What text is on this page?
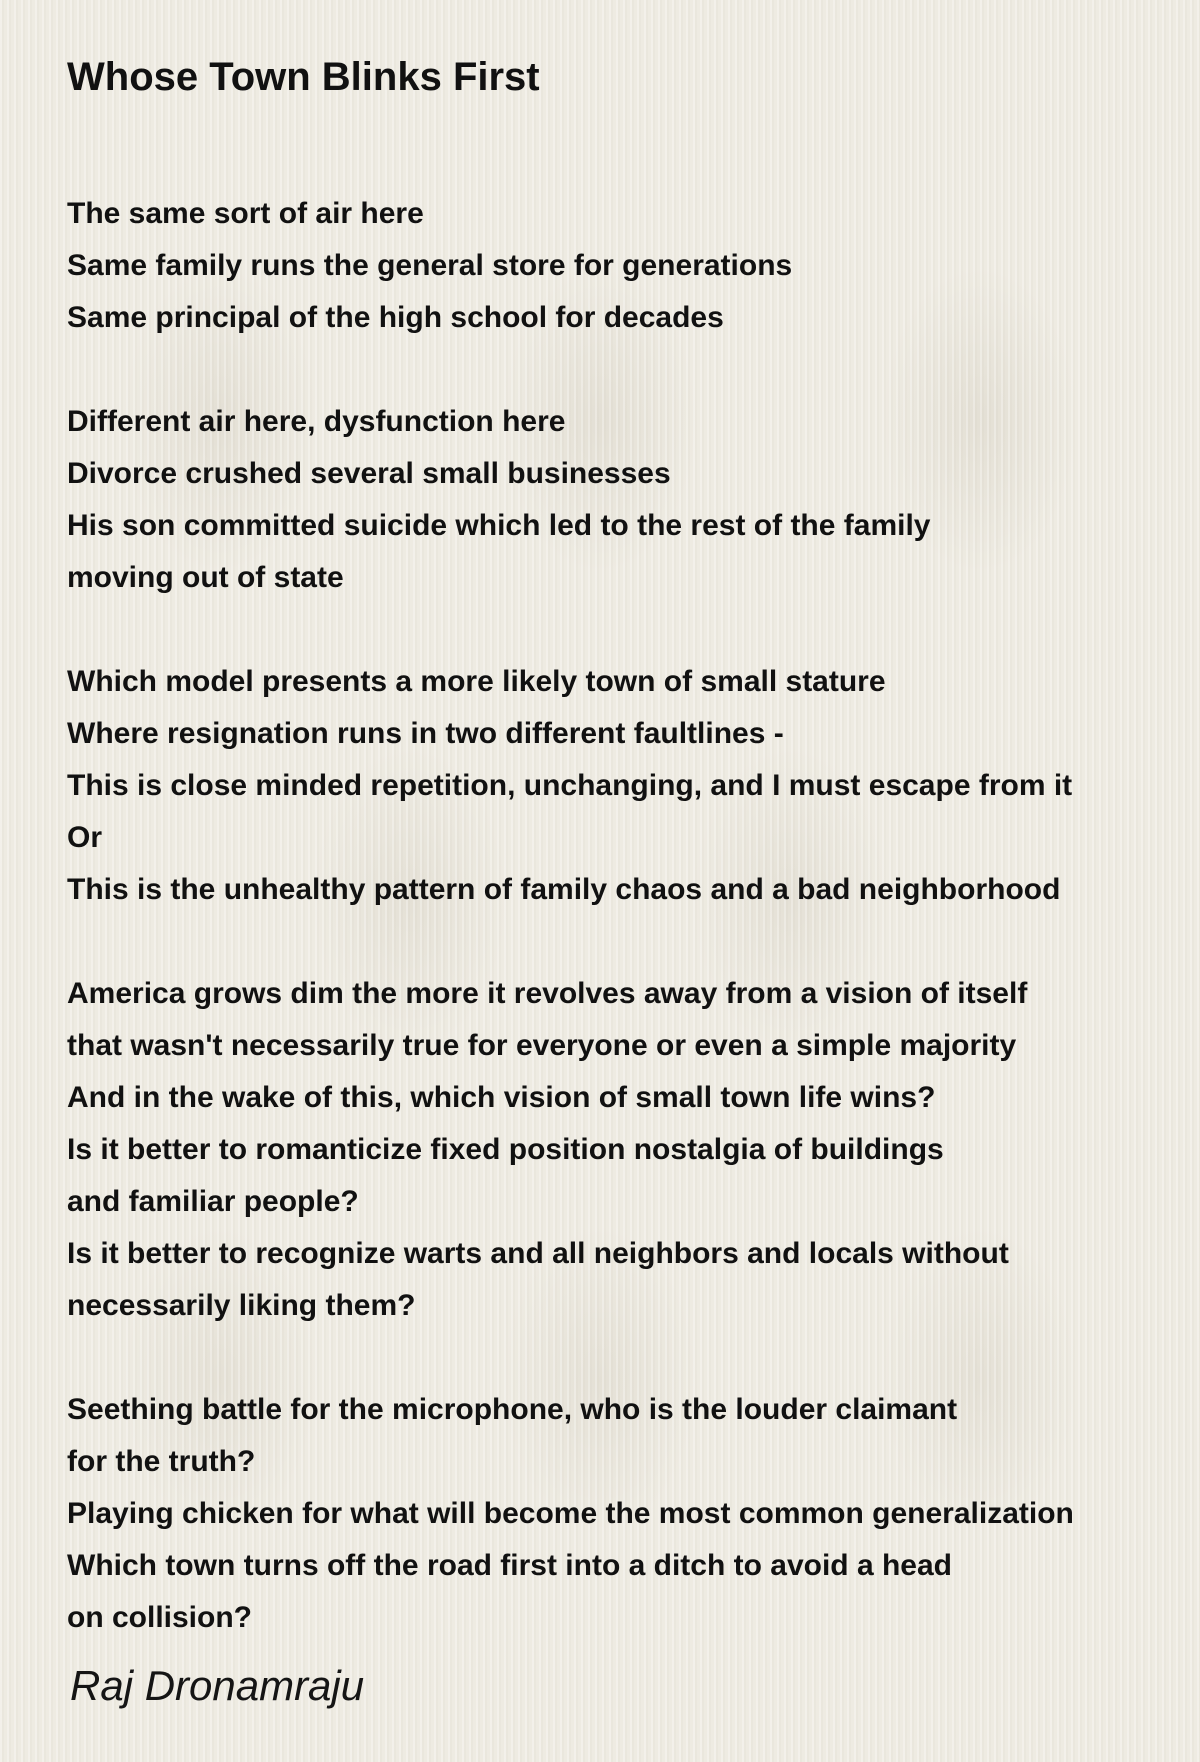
Whose Town Blinks First
The same sort of air here
Same family runs the general store for generations
Same principal of the high school for decades
Different air here, dysfunction here
Divorce crushed several small businesses
His son committed suicide which led to the rest of the family
moving out of state
Which model presents a more likely town of small stature
Where resignation runs in two different faultlines -
This is close minded repetition, unchanging, and I must escape from it
Or
This is the unhealthy pattern of family chaos and a bad neighborhood
America grows dim the more it revolves away from a vision of itself
that wasn't necessarily true for everyone or even a simple majority
And in the wake of this, which vision of small town life wins?
Is it better to romanticize fixed position nostalgia of buildings
and familiar people?
Is it better to recognize warts and all neighbors and locals without
necessarily liking them?
Seething battle for the microphone, who is the louder claimant
for the truth?
Playing chicken for what will become the most common generalization
Which town turns off the road first into a ditch to avoid a head
on collision?
Raj Dronamraju
